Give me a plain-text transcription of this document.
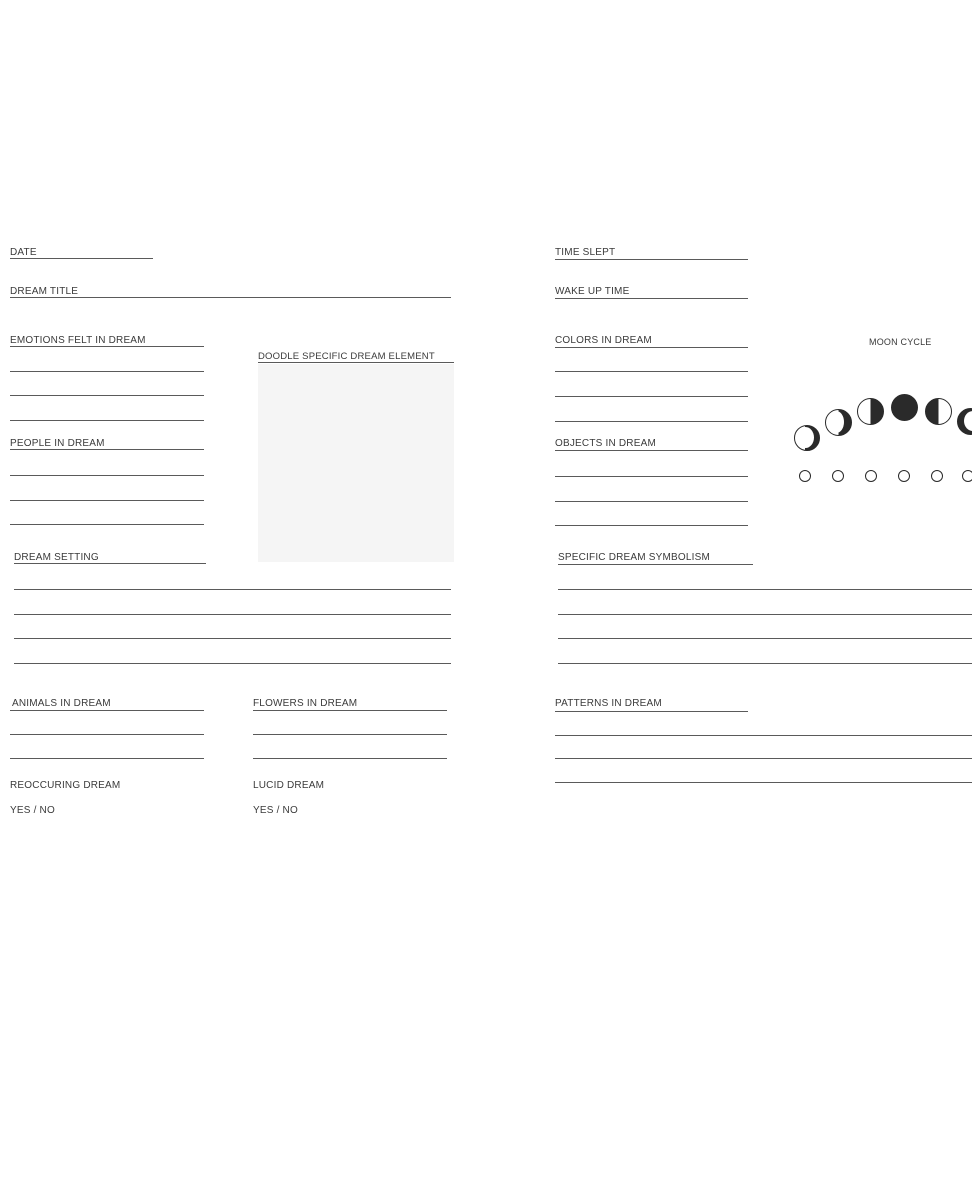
DATE
DREAM TITLE
EMOTIONS FELT IN DREAM
DOODLE SPECIFIC DREAM ELEMENT
PEOPLE IN DREAM
DREAM SETTING
ANIMALS IN DREAM	FLOWERS IN DREAM
REOCCURING DREAM
YES / NO
LUCID DREAM
YES / NO
TIME SLEPT
WAKE UP TIME
COLORS IN DREAM	MOON CYCLE
OBJECTS IN DREAM
SPECIFIC DREAM SYMBOLISM
PATTERNS IN DREAM
